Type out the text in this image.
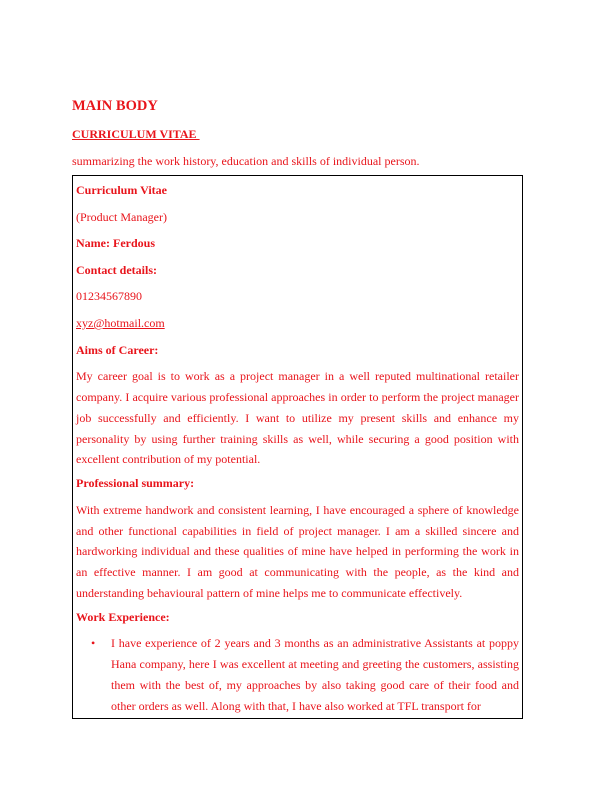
MAIN BODY
CURRICULUM VITAE
summarizing the work history, education and skills of individual person.
Curriculum Vitae
(Product Manager)
Name: Ferdous
Contact details:
01234567890
xyz@hotmail.com
Aims of Career:
My career goal is to work as a project manager in a well reputed multinational retailer company. I acquire various professional approaches in order to perform the project manager job successfully and efficiently. I want to utilize my present skills and enhance my personality by using further training skills as well, while securing a good position with excellent contribution of my potential.
Professional summary:
With extreme handwork and consistent learning, I have encouraged a sphere of knowledge and other functional capabilities in field of project manager. I am a skilled sincere and hardworking individual and these qualities of mine have helped in performing the work in an effective manner. I am good at communicating with the people, as the kind and understanding behavioural pattern of mine helps me to communicate effectively.
Work Experience:
• I have experience of 2 years and 3 months as an administrative Assistants at poppy Hana company, here I was excellent at meeting and greeting the customers, assisting them with the best of, my approaches by also taking good care of their food and other orders as well. Along with that, I have also worked at TFL transport for
